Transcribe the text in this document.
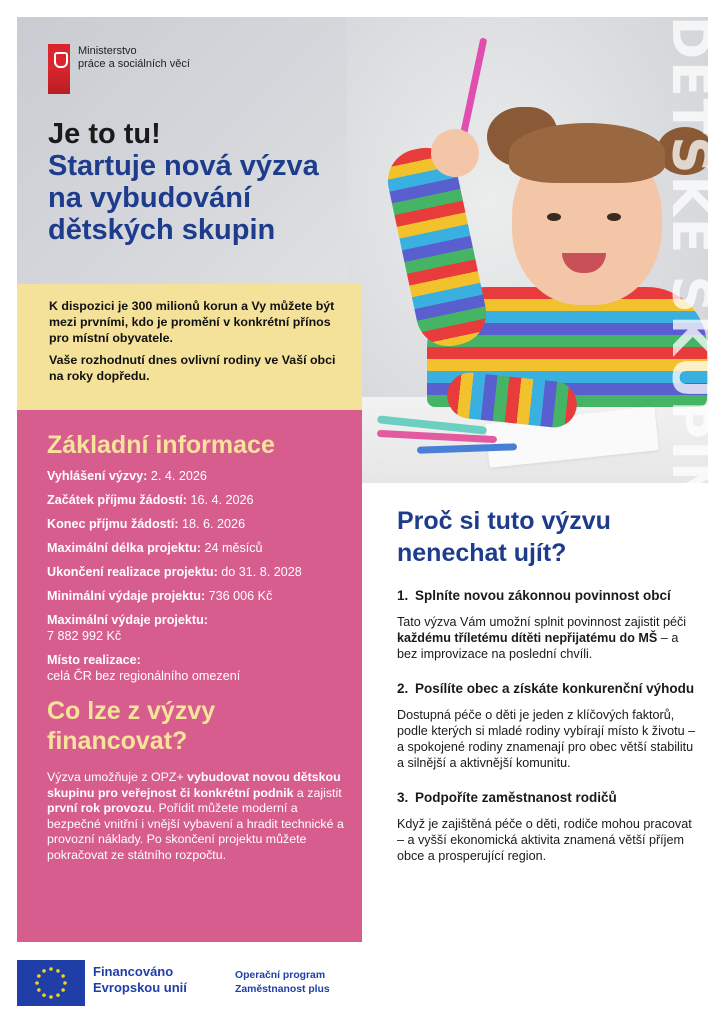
DĚTSKÉ SKUPINY
Ministerstvo
práce a sociálních věcí
Je to tu!
Startuje nová výzva
na vybudování
dětských skupin

K dispozici je 300 milionů korun a Vy můžete být mezi prvními, kdo je promění v konkrétní přínos pro místní obyvatele.

Vaše rozhodnutí dnes ovlivní rodiny ve Vaší obci na roky dopředu.

Základní informace
Vyhlášení výzvy: 2. 4. 2026
Začátek příjmu žádostí: 16. 4. 2026
Konec příjmu žádostí: 18. 6. 2026
Maximální délka projektu: 24 měsíců
Ukončení realizace projektu: do 31. 8. 2028
Minimální výdaje projektu: 736 006 Kč
Maximální výdaje projektu:
7 882 992 Kč
Místo realizace:
celá ČR bez regionálního omezení
Co lze z výzvy
financovat?
Výzva umožňuje z OPZ+ vybudovat novou dětskou skupinu pro veřejnost či konkrétní podnik a zajistit první rok provozu. Pořídit můžete moderní a bezpečné vnitřní i vnější vybavení a hradit technické a provozní náklady. Po skončení projektu můžete pokračovat ze státního rozpočtu.
Proč si tuto výzvu
nenechat ujít?
1. Splníte novou zákonnou povinnost obcí
Tato výzva Vám umožní splnit povinnost zajistit péči každému tříletému dítěti nepřijatému do MŠ – a bez improvizace na poslední chvíli.
2. Posílíte obec a získáte konkurenční výhodu
Dostupná péče o děti je jeden z klíčových faktorů, podle kterých si mladé rodiny vybírají místo k životu – a spokojené rodiny znamenají pro obec větší stabilitu a silnější a aktivnější komunitu.
3. Podpoříte zaměstnanost rodičů
Když je zajištěná péče o děti, rodiče mohou pracovat – a vyšší ekonomická aktivita znamená větší příjem obce a prosperující region.
Financováno
Evropskou unií
Operační program
Zaměstnanost plus
